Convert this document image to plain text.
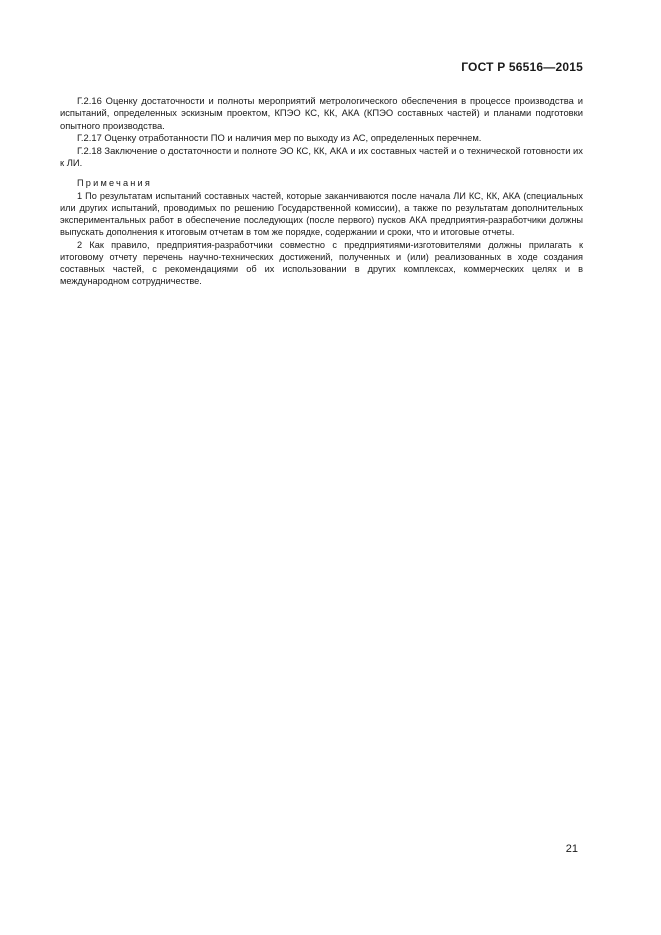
ГОСТ Р 56516—2015

Г.2.16 Оценку достаточности и полноты мероприятий метрологического обеспечения в процессе производства и испытаний, определенных эскизным проектом, КПЭО КС, КК, АКА (КПЭО составных частей) и планами подготовки опытного производства.

Г.2.17 Оценку отработанности ПО и наличия мер по выходу из АС, определенных перечнем.

Г.2.18 Заключение о достаточности и полноте ЭО КС, КК, АКА и их составных частей и о технической готовности их к ЛИ.

Примечания

1 По результатам испытаний составных частей, которые заканчиваются после начала ЛИ КС, КК, АКА (специальных или других испытаний, проводимых по решению Государственной комиссии), а также по результатам дополнительных экспериментальных работ в обеспечение последующих (после первого) пусков АКА предприятия-разработчики должны выпускать дополнения к итоговым отчетам в том же порядке, содержании и сроки, что и итоговые отчеты.

2 Как правило, предприятия-разработчики совместно с предприятиями-изготовителями должны прилагать к итоговому отчету перечень научно-технических достижений, полученных и (или) реализованных в ходе создания составных частей, с рекомендациями об их использовании в других комплексах, коммерческих целях и в международном сотрудничестве.

21
